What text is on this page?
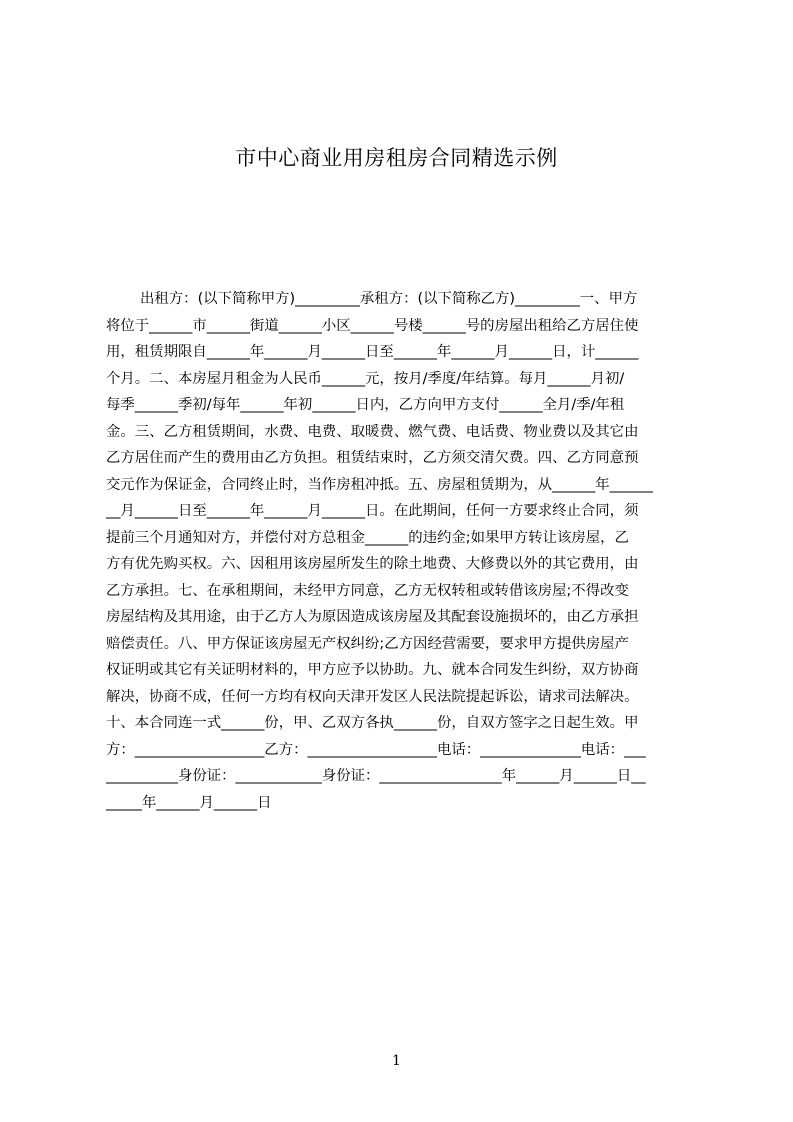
市中心商业用房租房合同精选示例
出租方：(以下简称甲方)_________承租方：(以下简称乙方)_________一、甲方
将位于______市______街道______小区______号楼______号的房屋出租给乙方居住使
用，租赁期限自______年______月______日至______年______月______日，计______
个月。二、本房屋月租金为人民币______元，按月/季度/年结算。每月______月初/
每季______季初/每年______年初______日内，乙方向甲方支付______全月/季/年租
金。三、乙方租赁期间，水费、电费、取暖费、燃气费、电话费、物业费以及其它由
乙方居住而产生的费用由乙方负担。租赁结束时，乙方须交清欠费。四、乙方同意预
交元作为保证金，合同终止时，当作房租冲抵。五、房屋租赁期为，从______年______
__月______日至______年______月______日。在此期间，任何一方要求终止合同，须
提前三个月通知对方，并偿付对方总租金______的违约金;如果甲方转让该房屋，乙
方有优先购买权。六、因租用该房屋所发生的除土地费、大修费以外的其它费用，由
乙方承担。七、在承租期间，未经甲方同意，乙方无权转租或转借该房屋;不得改变
房屋结构及其用途，由于乙方人为原因造成该房屋及其配套设施损坏的，由乙方承担
赔偿责任。八、甲方保证该房屋无产权纠纷;乙方因经营需要，要求甲方提供房屋产
权证明或其它有关证明材料的，甲方应予以协助。九、就本合同发生纠纷，双方协商
解决，协商不成，任何一方均有权向天津开发区人民法院提起诉讼，请求司法解决。
十、本合同连一式______份，甲、乙双方各执______份，自双方签字之日起生效。甲
方：__________________乙方：__________________电话：______________电话：___
__________身份证：____________身份证：_________________年______月______日__
_____年______月______日
1
